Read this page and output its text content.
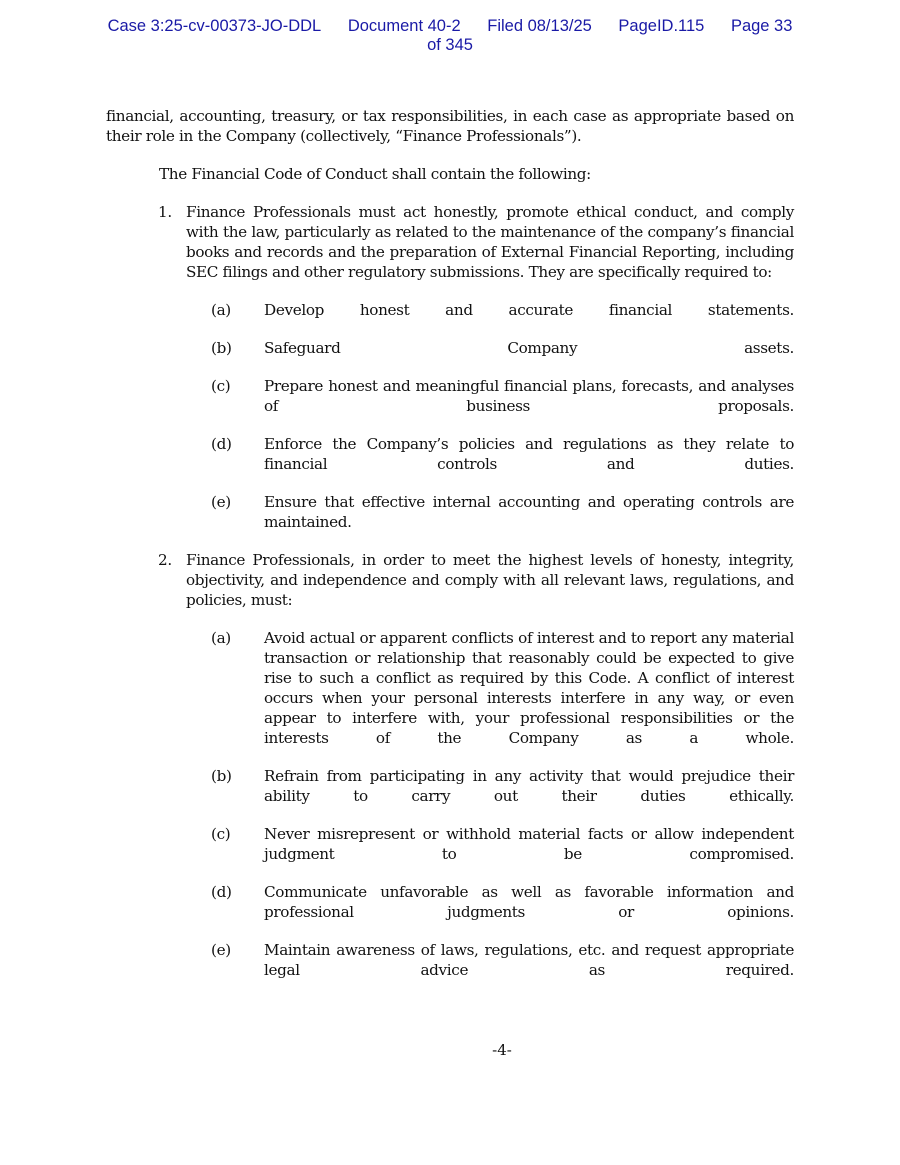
Case 3:25-cv-00373-JO-DDL Document 40-2 Filed 08/13/25 PageID.115 Page 33
of 345

financial, accounting, treasury, or tax responsibilities, in each case as appropriate based on their role in the Company (collectively, “Finance Professionals”).

The Financial Code of Conduct shall contain the following:

1. Finance Professionals must act honestly, promote ethical conduct, and comply with the law, particularly as related to the maintenance of the company’s financial books and records and the preparation of External Financial Reporting, including SEC filings and other regulatory submissions. They are specifically required to:
(a) Develop honest and accurate financial statements.
(b) Safeguard Company assets.
(c) Prepare honest and meaningful financial plans, forecasts, and analyses of business proposals.
(d) Enforce the Company’s policies and regulations as they relate to financial controls and duties.
(e) Ensure that effective internal accounting and operating controls are maintained.
2. Finance Professionals, in order to meet the highest levels of honesty, integrity, objectivity, and independence and comply with all relevant laws, regulations, and policies, must:
(a) Avoid actual or apparent conflicts of interest and to report any material transaction or relationship that reasonably could be expected to give rise to such a conflict as required by this Code. A conflict of interest occurs when your personal interests interfere in any way, or even appear to interfere with, your professional responsibilities or the interests of the Company as a whole.
(b) Refrain from participating in any activity that would prejudice their ability to carry out their duties ethically.
(c) Never misrepresent or withhold material facts or allow independent judgment to be compromised.
(d) Communicate unfavorable as well as favorable information and professional judgments or opinions.
(e) Maintain awareness of laws, regulations, etc. and request appropriate legal advice as required.
-4-
